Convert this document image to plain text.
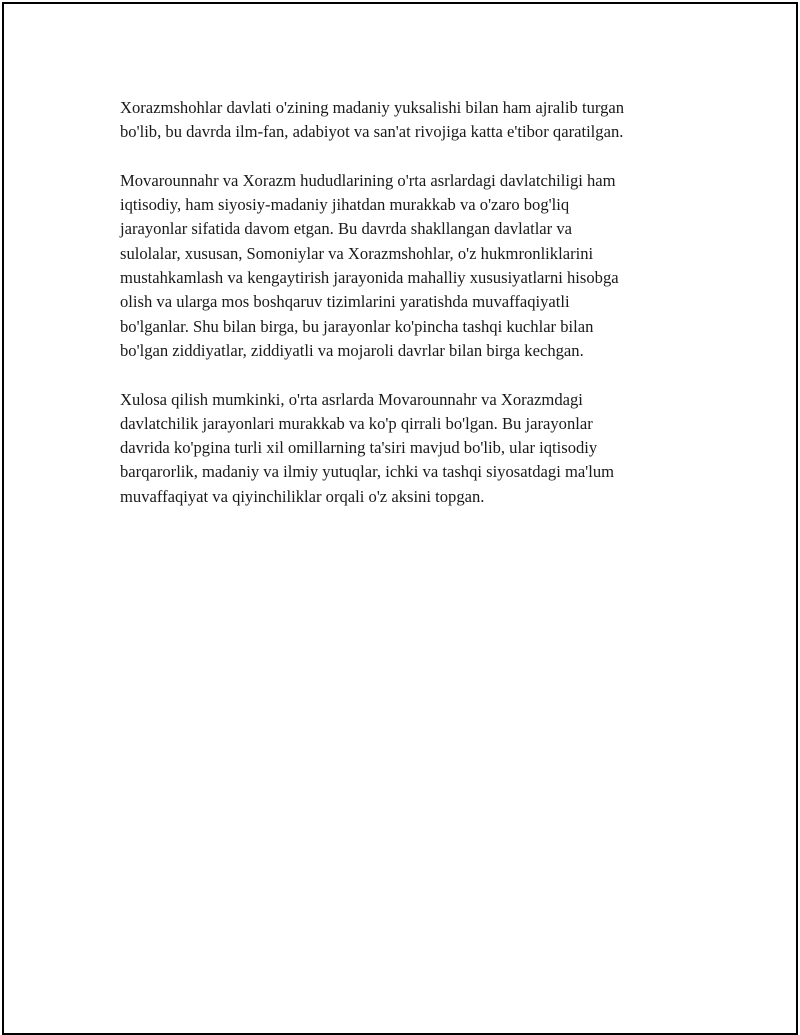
Xorazmshohlar davlati o'zining madaniy yuksalishi bilan ham ajralib turgan
bo'lib, bu davrda ilm-fan, adabiyot va san'at rivojiga katta e'tibor qaratilgan.

Movarounnahr va Xorazm hududlarining o'rta asrlardagi davlatchiligi ham
iqtisodiy, ham siyosiy-madaniy jihatdan murakkab va o'zaro bog'liq
jarayonlar sifatida davom etgan. Bu davrda shakllangan davlatlar va
sulolalar, xususan, Somoniylar va Xorazmshohlar, o'z hukmronliklarini
mustahkamlash va kengaytirish jarayonida mahalliy xususiyatlarni hisobga
olish va ularga mos boshqaruv tizimlarini yaratishda muvaffaqiyatli
bo'lganlar. Shu bilan birga, bu jarayonlar ko'pincha tashqi kuchlar bilan
bo'lgan ziddiyatlar, ziddiyatli va mojaroli davrlar bilan birga kechgan.

Xulosa qilish mumkinki, o'rta asrlarda Movarounnahr va Xorazmdagi
davlatchilik jarayonlari murakkab va ko'p qirrali bo'lgan. Bu jarayonlar
davrida ko'pgina turli xil omillarning ta'siri mavjud bo'lib, ular iqtisodiy
barqarorlik, madaniy va ilmiy yutuqlar, ichki va tashqi siyosatdagi ma'lum
muvaffaqiyat va qiyinchiliklar orqali o'z aksini topgan.
